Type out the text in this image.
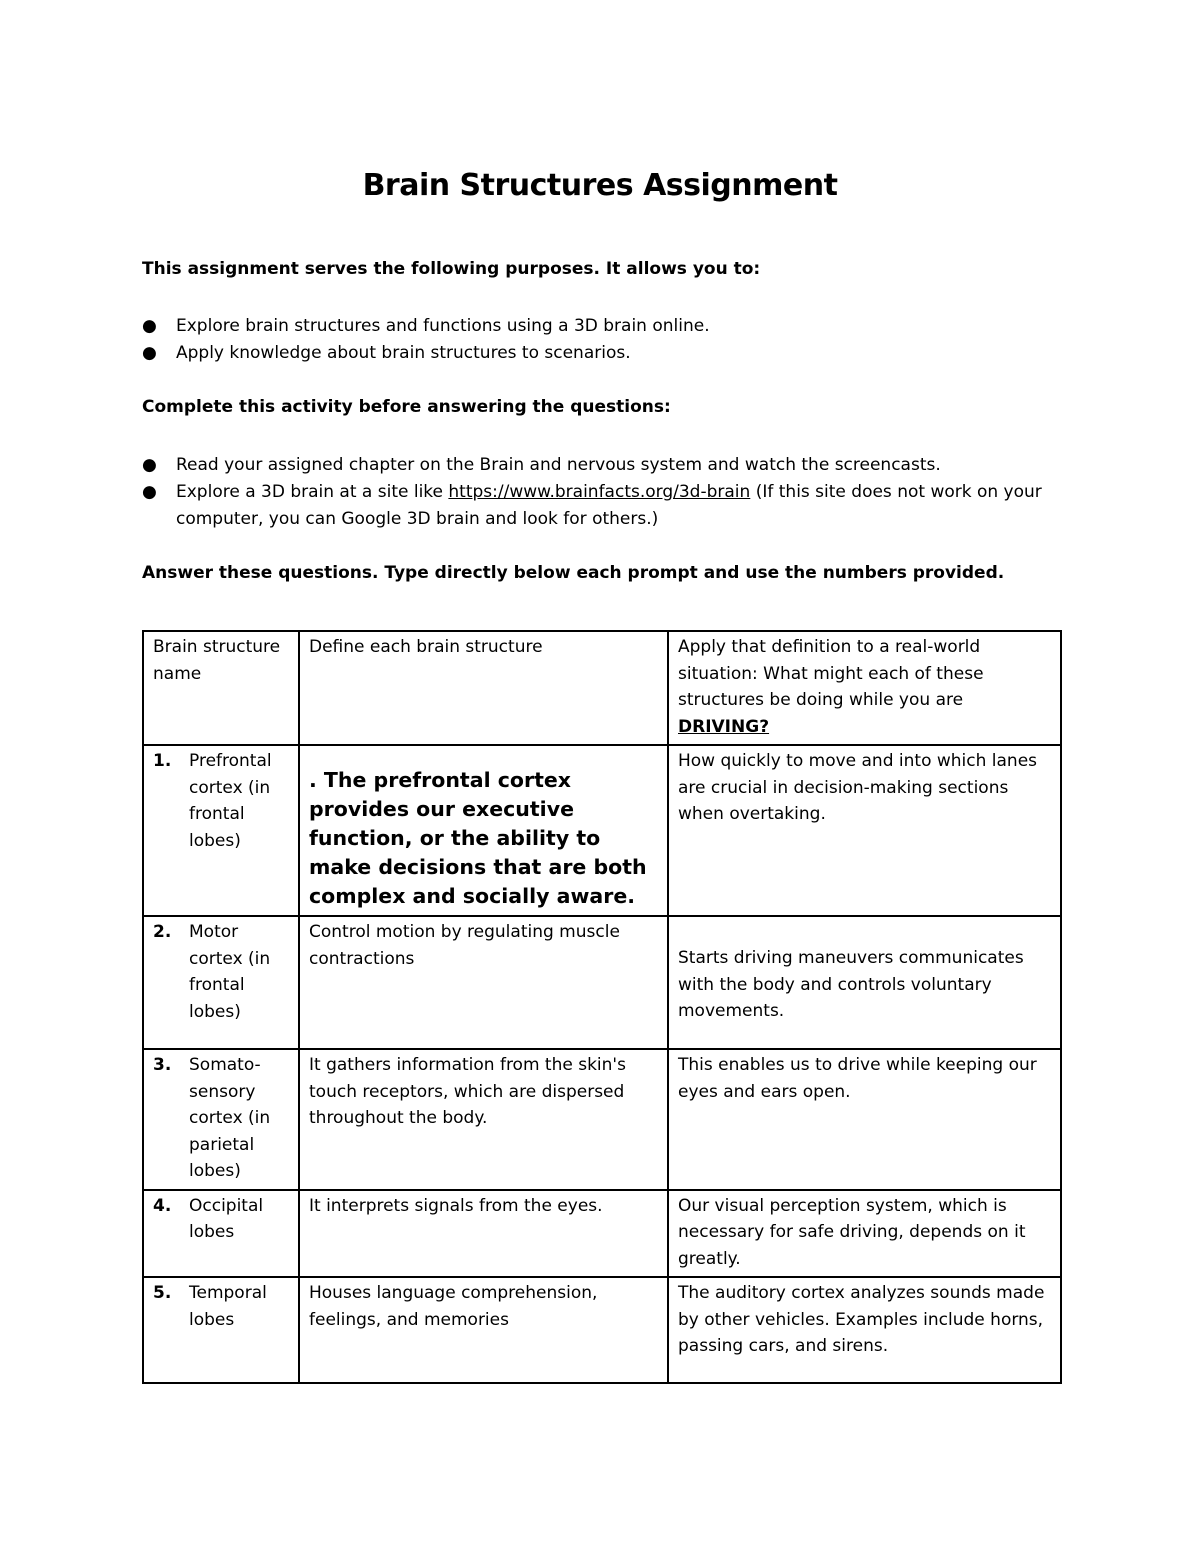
Brain Structures Assignment

This assignment serves the following purposes. It allows you to:

● Explore brain structures and functions using a 3D brain online.
● Apply knowledge about brain structures to scenarios.

Complete this activity before answering the questions:

● Read your assigned chapter on the Brain and nervous system and watch the screencasts.
● Explore a 3D brain at a site like https://www.brainfacts.org/3d-brain (If this site does not work on your computer, you can Google 3D brain and look for others.)

Answer these questions. Type directly below each prompt and use the numbers provided.

Brain structure name	Define each brain structure	Apply that definition to a real-world situation: What might each of these structures be doing while you are
DRIVING?

1. Prefrontal cortex (in frontal lobes)	. The prefrontal cortex provides our executive function, or the ability to make decisions that are both complex and socially aware.	How quickly to move and into which lanes are crucial in decision-making sections when overtaking.

2. Motor cortex (in frontal lobes)	Control motion by regulating muscle contractions	Starts driving maneuvers communicates with the body and controls voluntary movements.

3. Somato-sensory cortex (in parietal lobes)	It gathers information from the skin's touch receptors, which are dispersed throughout the body.	This enables us to drive while keeping our eyes and ears open.

4. Occipital lobes	It interprets signals from the eyes.	Our visual perception system, which is necessary for safe driving, depends on it greatly.

5. Temporal lobes	Houses language comprehension, feelings, and memories	The auditory cortex analyzes sounds made by other vehicles. Examples include horns, passing cars, and sirens.
